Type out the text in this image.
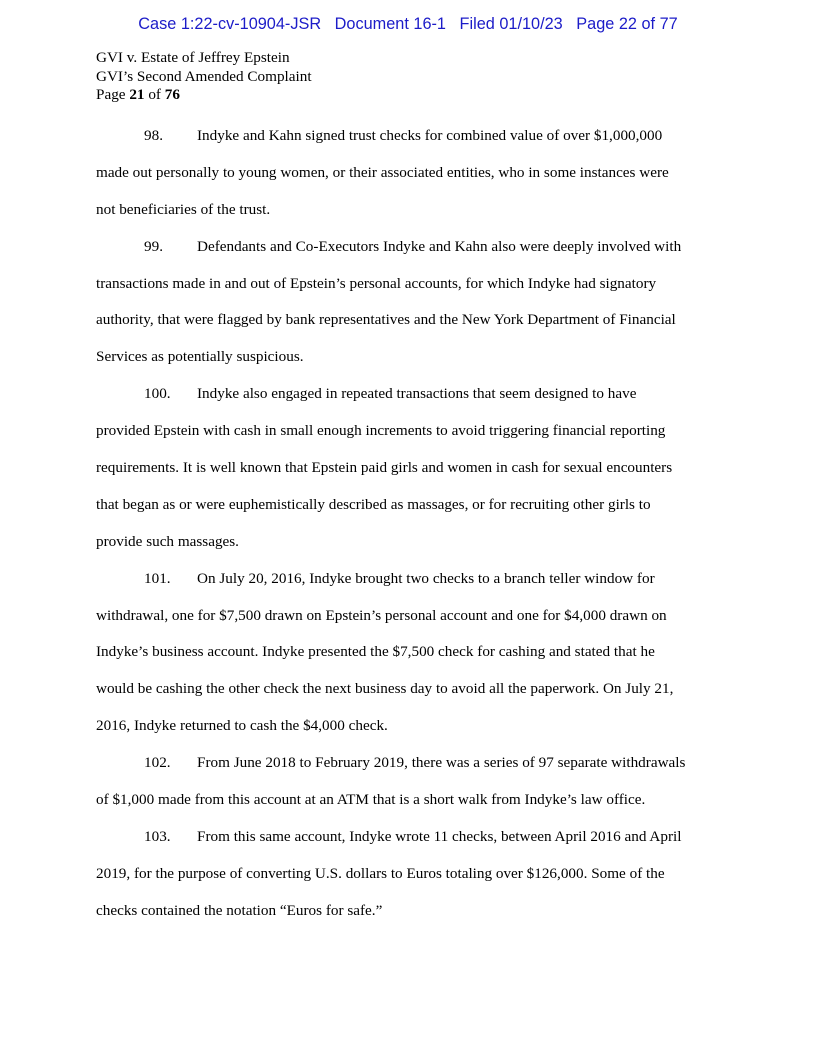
Case 1:22-cv-10904-JSR   Document 16-1   Filed 01/10/23   Page 22 of 77
GVI v. Estate of Jeffrey Epstein
GVI’s Second Amended Complaint
Page 21 of 76
98. Indyke and Kahn signed trust checks for combined value of over $1,000,000
made out personally to young women, or their associated entities, who in some instances were
not beneficiaries of the trust.
99. Defendants and Co-Executors Indyke and Kahn also were deeply involved with
transactions made in and out of Epstein’s personal accounts, for which Indyke had signatory
authority, that were flagged by bank representatives and the New York Department of Financial
Services as potentially suspicious.
100. Indyke also engaged in repeated transactions that seem designed to have
provided Epstein with cash in small enough increments to avoid triggering financial reporting
requirements. It is well known that Epstein paid girls and women in cash for sexual encounters
that began as or were euphemistically described as massages, or for recruiting other girls to
provide such massages.
101. On July 20, 2016, Indyke brought two checks to a branch teller window for
withdrawal, one for $7,500 drawn on Epstein’s personal account and one for $4,000 drawn on
Indyke’s business account. Indyke presented the $7,500 check for cashing and stated that he
would be cashing the other check the next business day to avoid all the paperwork. On July 21,
2016, Indyke returned to cash the $4,000 check.
102. From June 2018 to February 2019, there was a series of 97 separate withdrawals
of $1,000 made from this account at an ATM that is a short walk from Indyke’s law office.
103. From this same account, Indyke wrote 11 checks, between April 2016 and April
2019, for the purpose of converting U.S. dollars to Euros totaling over $126,000. Some of the
checks contained the notation “Euros for safe.”
